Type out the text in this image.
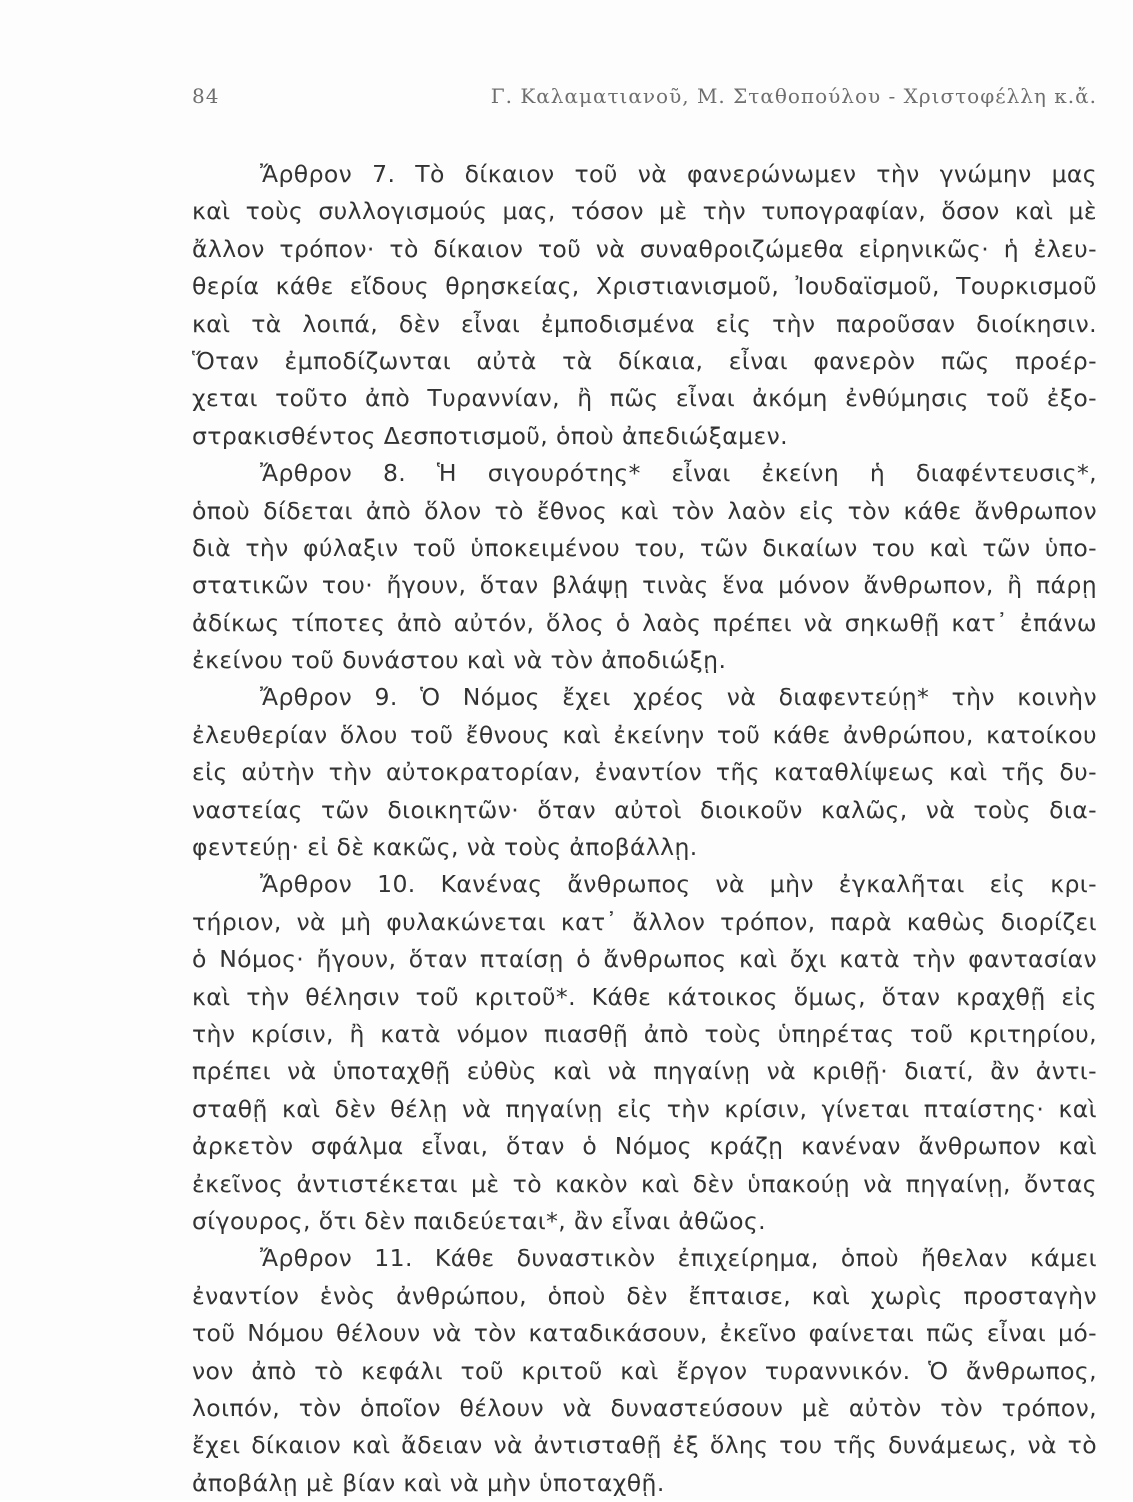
84	Γ. Καλαματιανοῦ, Μ. Σταθοπούλου - Χριστοφέλλη κ.ἄ.
Ἄρθρον 7. Τὸ δίκαιον τοῦ νὰ φανερώνωμεν τὴν γνώμην μας
καὶ τοὺς συλλογισμούς μας, τόσον μὲ τὴν τυπογραφίαν, ὅσον καὶ μὲ
ἄλλον τρόπον· τὸ δίκαιον τοῦ νὰ συναθροιζώμεθα εἰρηνικῶς· ἡ ἐλευ-
θερία κάθε εἴδους θρησκείας, Χριστιανισμοῦ, Ἰουδαϊσμοῦ, Τουρκισμοῦ
καὶ τὰ λοιπά, δὲν εἶναι ἐμποδισμένα εἰς τὴν παροῦσαν διοίκησιν.
Ὅταν ἐμποδίζωνται αὐτὰ τὰ δίκαια, εἶναι φανερὸν πῶς προέρ-
χεται τοῦτο ἀπὸ Τυραννίαν, ἢ πῶς εἶναι ἀκόμη ἐνθύμησις τοῦ ἐξο-
στρακισθέντος Δεσποτισμοῦ, ὁποὺ ἀπεδιώξαμεν.
Ἄρθρον 8. Ἡ σιγουρότης* εἶναι ἐκείνη ἡ διαφέντευσις*,
ὁποὺ δίδεται ἀπὸ ὅλον τὸ ἔθνος καὶ τὸν λαὸν εἰς τὸν κάθε ἄνθρωπον
διὰ τὴν φύλαξιν τοῦ ὑποκειμένου του, τῶν δικαίων του καὶ τῶν ὑπο-
στατικῶν του· ἤγουν, ὅταν βλάψῃ τινὰς ἕνα μόνον ἄνθρωπον, ἢ πάρῃ
ἀδίκως τίποτες ἀπὸ αὐτόν, ὅλος ὁ λαὸς πρέπει νὰ σηκωθῇ κατ᾽ ἐπάνω
ἐκείνου τοῦ δυνάστου καὶ νὰ τὸν ἀποδιώξῃ.
Ἄρθρον 9. Ὁ Νόμος ἔχει χρέος νὰ διαφεντεύῃ* τὴν κοινὴν
ἐλευθερίαν ὅλου τοῦ ἔθνους καὶ ἐκείνην τοῦ κάθε ἀνθρώπου, κατοίκου
εἰς αὐτὴν τὴν αὐτοκρατορίαν, ἐναντίον τῆς καταθλίψεως καὶ τῆς δυ-
ναστείας τῶν διοικητῶν· ὅταν αὐτοὶ διοικοῦν καλῶς, νὰ τοὺς δια-
φεντεύῃ· εἰ δὲ κακῶς, νὰ τοὺς ἀποβάλλῃ.
Ἄρθρον 10. Κανένας ἄνθρωπος νὰ μὴν ἐγκαλῆται εἰς κρι-
τήριον, νὰ μὴ φυλακώνεται κατ᾽ ἄλλον τρόπον, παρὰ καθὼς διορίζει
ὁ Νόμος· ἤγουν, ὅταν πταίσῃ ὁ ἄνθρωπος καὶ ὄχι κατὰ τὴν φαντασίαν
καὶ τὴν θέλησιν τοῦ κριτοῦ*. Κάθε κάτοικος ὅμως, ὅταν κραχθῇ εἰς
τὴν κρίσιν, ἢ κατὰ νόμον πιασθῇ ἀπὸ τοὺς ὑπηρέτας τοῦ κριτηρίου,
πρέπει νὰ ὑποταχθῇ εὐθὺς καὶ νὰ πηγαίνῃ νὰ κριθῇ· διατί, ἂν ἀντι-
σταθῇ καὶ δὲν θέλῃ νὰ πηγαίνῃ εἰς τὴν κρίσιν, γίνεται πταίστης· καὶ
ἀρκετὸν σφάλμα εἶναι, ὅταν ὁ Νόμος κράζῃ κανέναν ἄνθρωπον καὶ
ἐκεῖνος ἀντιστέκεται μὲ τὸ κακὸν καὶ δὲν ὑπακούῃ νὰ πηγαίνῃ, ὄντας
σίγουρος, ὅτι δὲν παιδεύεται*, ἂν εἶναι ἀθῶος.
Ἄρθρον 11. Κάθε δυναστικὸν ἐπιχείρημα, ὁποὺ ἤθελαν κάμει
ἐναντίον ἑνὸς ἀνθρώπου, ὁποὺ δὲν ἔπταισε, καὶ χωρὶς προσταγὴν
τοῦ Νόμου θέλουν νὰ τὸν καταδικάσουν, ἐκεῖνο φαίνεται πῶς εἶναι μό-
νον ἀπὸ τὸ κεφάλι τοῦ κριτοῦ καὶ ἔργον τυραννικόν. Ὁ ἄνθρωπος,
λοιπόν, τὸν ὁποῖον θέλουν νὰ δυναστεύσουν μὲ αὐτὸν τὸν τρόπον,
ἔχει δίκαιον καὶ ἄδειαν νὰ ἀντισταθῇ ἐξ ὅλης του τῆς δυνάμεως, νὰ τὸ
ἀποβάλῃ μὲ βίαν καὶ νὰ μὴν ὑποταχθῇ.
